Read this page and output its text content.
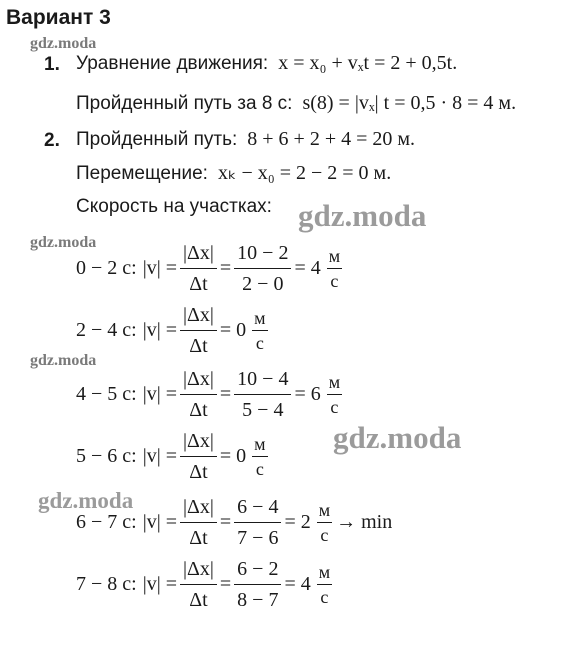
Вариант 3
gdz.moda
gdz.moda
gdz.moda
gdz.moda
gdz.moda
gdz.moda
1. Уравнение движения: x = x₀ + vₓt = 2 + 0,5t.
Пройденный путь за 8 с: s(8) = |vₓ| t = 0,5 · 8 = 4 м.
2. Пройденный путь: 8 + 6 + 2 + 4 = 20 м.
Перемещение: xₖ − x₀ = 2 − 2 = 0 м.
Скорость на участках:
0 − 2 с: $|v| = \frac{|\Delta x|}{\Delta t} = \frac{10 - 2}{2 - 0} = 4$
м
с
2 − 4 с: $|v| = \frac{|\Delta x|}{\Delta t} = 0$
м
с
4 − 5 с: $|v| = \frac{|\Delta x|}{\Delta t} = \frac{10 - 4}{5 - 4} = 6$
м
с
5 − 6 с: $|v| = \frac{|\Delta x|}{\Delta t} = 0$
м
с
6 − 7 с: $|v| = \frac{|\Delta x|}{\Delta t} = \frac{6 - 4}{7 - 6} = 2$
м
с
→ min
7 − 8 с: $|v| = \frac{|\Delta x|}{\Delta t} = \frac{6 - 2}{8 - 7} = 4$
м
с
